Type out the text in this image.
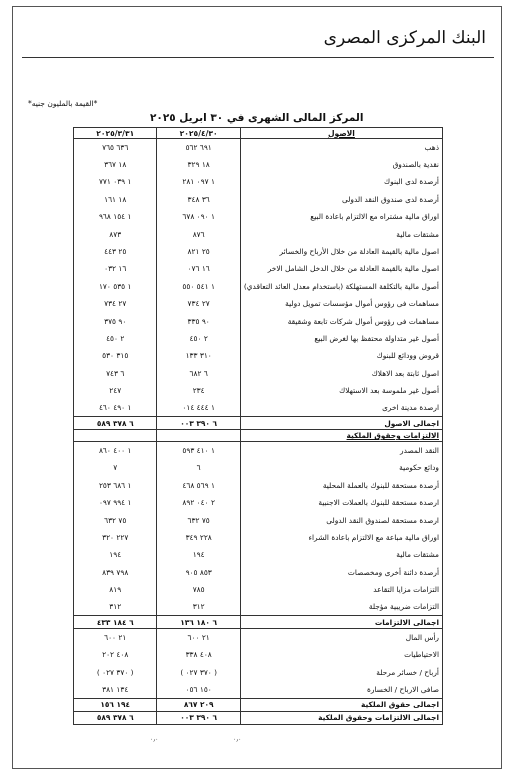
البنك المركزى المصرى
*القيمة بالمليون جنيه*
المركز المالى الشهرى في ٣٠ ابريل ٢٠٢٥
٢٠٢٥/٣/٣١	٢٠٢٥/٤/٣٠	الاصول
٦٣٦ ٧٦٥	٦٩١ ٥٦٢	ذهب
١٨ ٣٦٧	١٨ ٣٢٩	نقدية بالصندوق
١ ٠٣٩ ٧٧١	١ ٠٩٧ ٢٨١	أرصدة لدى البنوك
١٨ ١٦١	٣٦ ٣٤٨	أرصدة لدى صندوق النقد الدولى
١ ١٥٤ ٩٦٨	١ ٠٩٠ ٦٧٨	اوراق مالية مشتراه مع الالتزام باعادة البيع
٨٧٣	٨٧٦	مشتقات مالية
٢٥ ٤٤٣	٢٥ ٨٢١	اصول مالية بالقيمة العادلة من خلال الأرباح والخسائر
١٦ ٠٣٢	١٦ ٠٧٦	اصول مالية بالقيمة العادلة من خلال الدخل الشامل الاخر
١ ٥٣٥ ١٧٠	١ ٥٤١ ٥٥٠	أصول مالية بالتكلفة المستهلكة (باستخدام معدل العائد التعاقدي)
٢٧ ٧٣٤	٢٧ ٧٣٤	مساهمات فى رؤوس أموال مؤسسات تمويل دولية
٩٠ ٣٧٥	٩٠ ٣٣٥	مساهمات فى رؤوس أموال شركات تابعة وشقيقة
٢ ٤٥٠	٢ ٤٥٠	أصول غير متداولة محتفظ بها لغرض البيع
٣١٥ ٥٣٠	٣١٠ ١٣٣	قروض وودائع للبنوك
٦ ٧٤٣	٦ ٦٨٢	اصول ثابتة بعد الاهلاك
٢٤٧	٢٣٤	أصول غير ملموسة بعد الاستهلاك
١ ٤٩٠ ٤٦٠	١ ٤٤٤ ٠١٤	ارصدة مدينة اخرى
٦ ٣٧٨ ٥٨٩	٦ ٣٩٠ ٠٠٣	اجمالى الاصول
		الالتزامات وحقوق الملكية
١ ٤٠٠ ٨٦٠	١ ٤١٠ ٥٩٣	النقد المصدر
٧	٦	ودائع حكومية
١ ٦٨٦ ٢٥٣	١ ٥٦٩ ٤٦٨	أرصدة مستحقة للبنوك بالعملة المحلية
١ ٩٩٤ ٠٩٧	٢ ٠٤٠ ٨٩٢	ارصدة مستحقة للبنوك بالعملات الاجنبية
٧٥ ٦٣٢	٧٥ ٦٣٢	ارصدة مستحقة لصندوق النقد الدولى
٢٢٧ ٣٢٠	٢٢٨ ٣٤٩	اوراق مالية مباعة مع الالتزام باعادة الشراء
١٩٤	١٩٤	مشتقات مالية
٧٩٨ ٨٣٩	٨٥٣ ٩٠٥	أرصدة دائنة أخرى ومخصصات
٨١٩	٧٨٥	التزامات مزايا التقاعد
٣١٢	٣١٢	التزامات ضريبية مؤجلة
٦ ١٨٤ ٤٣٣	٦ ١٨٠ ١٣٦	اجمالى الالتزامات
٢١ ٦٠٠	٢١ ٦٠٠	رأس المال
٤٠٨ ٢٠٢	٤٠٨ ٣٣٨	الاحتياطيات
( ٣٧٠ ٠٢٧ )	( ٣٧٠ ٠٢٧ )	أرباح / خسائر مرحلة
١٣٤ ٣٨١	١٥٠ ٠٥٦	صافى الارباح / الخسارة
١٩٤ ١٥٦	٢٠٩ ٨٦٧	اجمالى حقوق الملكية
٦ ٣٧٨ ٥٨٩	٦ ٣٩٠ ٠٠٣	اجمالى الالتزامات وحقوق الملكية
٠٫٠	٠٫٠
